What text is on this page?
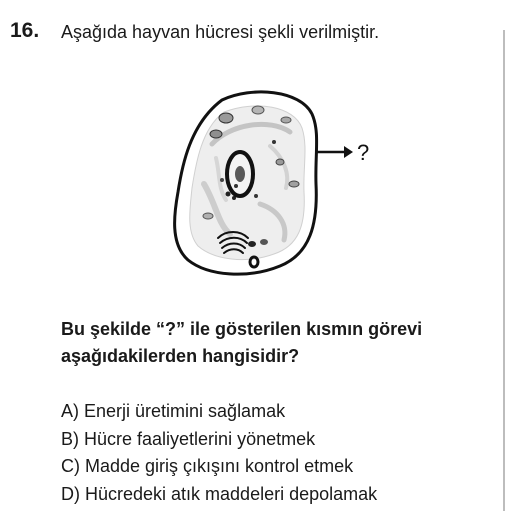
16. Aşağıda hayvan hücresi şekli verilmiştir.
?
Bu şekilde “?” ile gösterilen kısmın görevi
aşağıdakilerden hangisidir?
A) Enerji üretimini sağlamak
B) Hücre faaliyetlerini yönetmek
C) Madde giriş çıkışını kontrol etmek
D) Hücredeki atık maddeleri depolamak
